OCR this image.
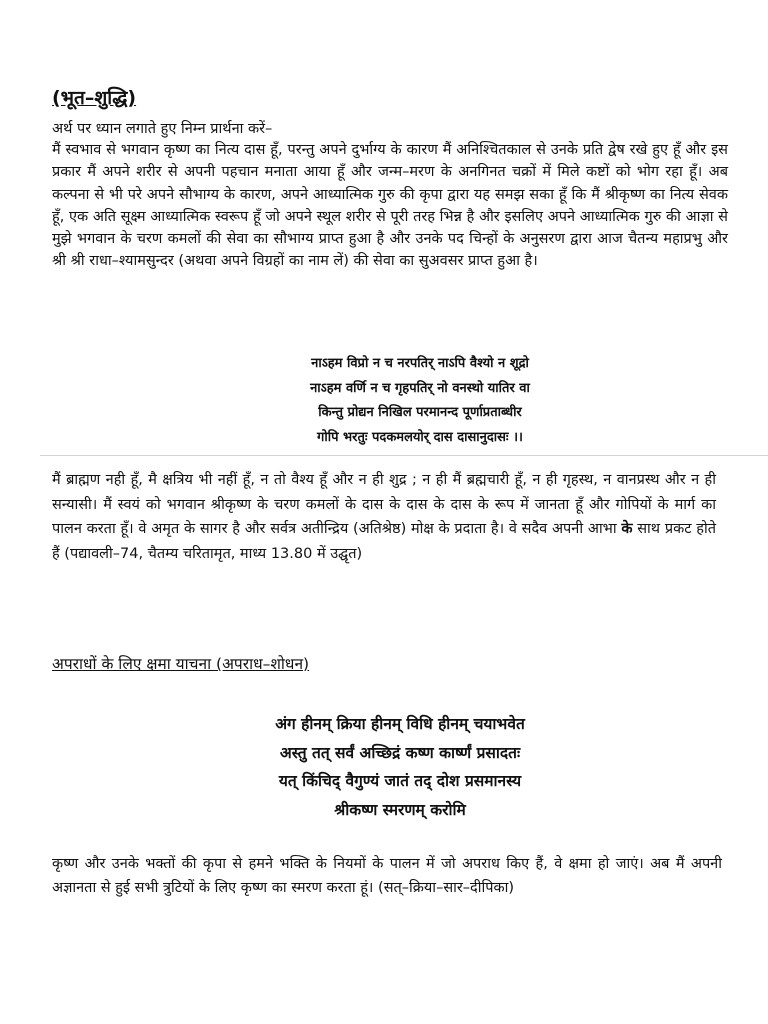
(भूत–शुद्धि)
अर्थ पर ध्यान लगाते हुए निम्न प्रार्थना करें–
मैं स्वभाव से भगवान कृष्ण का नित्य दास हूँ, परन्तु अपने दुर्भाग्य के कारण मैं अनिश्चितकाल से उनके प्रति द्वेष रखे हुए हूँ और इस प्रकार मैं अपने शरीर से अपनी पहचान मनाता आया हूँ और जन्म–मरण के अनगिनत चक्रों में मिले कष्टों को भोग रहा हूँ। अब कल्पना से भी परे अपने सौभाग्य के कारण, अपने आध्यात्मिक गुरु की कृपा द्वारा यह समझ सका हूँ कि मैं श्रीकृष्ण का नित्य सेवक हूँ, एक अति सूक्ष्म आध्यात्मिक स्वरूप हूँ जो अपने स्थूल शरीर से पूरी तरह भिन्न है और इसलिए अपने आध्यात्मिक गुरु की आज्ञा से मुझे भगवान के चरण कमलों की सेवा का सौभाग्य प्राप्त हुआ है और उनके पद चिन्हों के अनुसरण द्वारा आज चैतन्य महाप्रभु और श्री श्री राधा–श्यामसुन्दर (अथवा अपने विग्रहों का नाम लें) की सेवा का सुअवसर प्राप्त हुआ है।
नाऽहम विप्रो न च नरपतिर् नाऽपि वैश्यो न शूद्रो
नाऽहम वर्णि न च गृहपतिर् नो वनस्थो यातिर वा
किन्तु प्रोद्यन निखिल परमानन्द पूर्णाप्रताब्धीर
गोपि भरतुः पदकमलयोर् दास दासानुदासः ।।
मैं ब्राह्मण नही हूँ, मै क्षत्रिय भी नहीं हूँ, न तो वैश्य हूँ और न ही शुद्र ; न ही मैं ब्रह्मचारी हूँ, न ही गृहस्थ, न वानप्रस्थ और न ही सन्यासी। मैं स्वयं को भगवान श्रीकृष्ण के चरण कमलों के दास के दास के दास के रूप में जानता हूँ और गोपियों के मार्ग का पालन करता हूँ। वे अमृत के सागर है और सर्वत्र अतीन्द्रिय (अतिश्रेष्ठ) मोक्ष के प्रदाता है। वे सदैव अपनी आभा के साथ प्रकट होते हैं (पद्यावली–74, चैतम्य चरितामृत, माध्य 13.80 में उद्घृत)
अपराधों के लिए क्षमा याचना (अपराध–शोधन)
अंग हीनम् क्रिया हीनम् विधि हीनम् चयाभवेत
अस्तु तत् सर्वं अच्छिद्रं कष्ण कार्ष्णं प्रसादतः
यत् किंचिद् वैगुण्यं जातं तद् दोश प्रसमानस्य
श्रीकष्ण स्मरणम् करोमि
कृष्ण और उनके भक्तों की कृपा से हमने भक्ति के नियमों के पालन में जो अपराध किए हैं, वे क्षमा हो जाएं। अब मैं अपनी अज्ञानता से हुई सभी त्रुटियों के लिए कृष्ण का स्मरण करता हूं। (सत्–क्रिया–सार–दीपिका)
